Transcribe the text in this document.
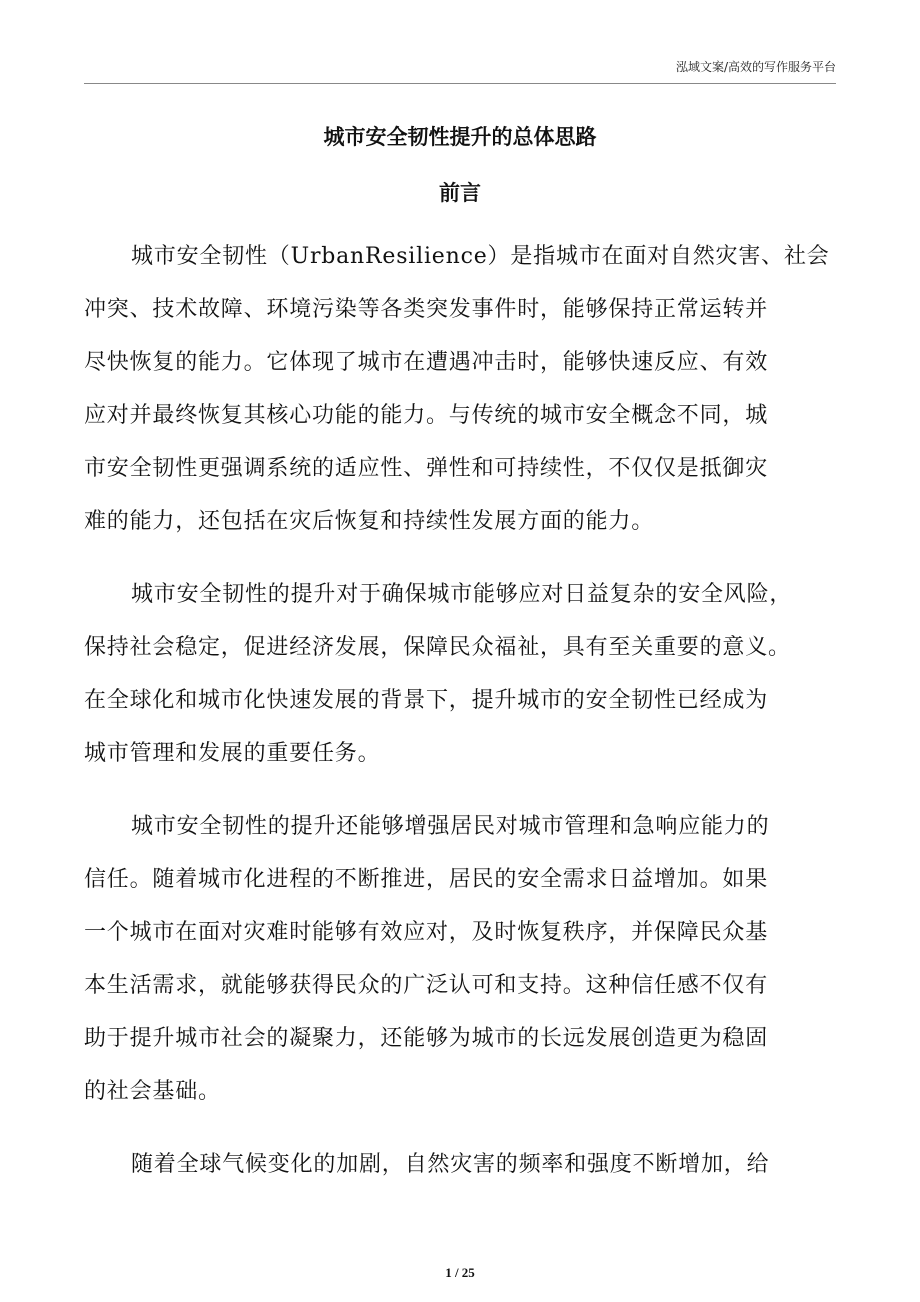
泓域文案/高效的写作服务平台
城市安全韧性提升的总体思路
前言
城市安全韧性（UrbanResilience）是指城市在面对自然灾害、社会
冲突、技术故障、环境污染等各类突发事件时，能够保持正常运转并
尽快恢复的能力。它体现了城市在遭遇冲击时，能够快速反应、有效
应对并最终恢复其核心功能的能力。与传统的城市安全概念不同，城
市安全韧性更强调系统的适应性、弹性和可持续性，不仅仅是抵御灾
难的能力，还包括在灾后恢复和持续性发展方面的能力。
城市安全韧性的提升对于确保城市能够应对日益复杂的安全风险，
保持社会稳定，促进经济发展，保障民众福祉，具有至关重要的意义。
在全球化和城市化快速发展的背景下，提升城市的安全韧性已经成为
城市管理和发展的重要任务。
城市安全韧性的提升还能够增强居民对城市管理和急响应能力的
信任。随着城市化进程的不断推进，居民的安全需求日益增加。如果
一个城市在面对灾难时能够有效应对，及时恢复秩序，并保障民众基
本生活需求，就能够获得民众的广泛认可和支持。这种信任感不仅有
助于提升城市社会的凝聚力，还能够为城市的长远发展创造更为稳固
的社会基础。
随着全球气候变化的加剧，自然灾害的频率和强度不断增加，给
1 / 25
